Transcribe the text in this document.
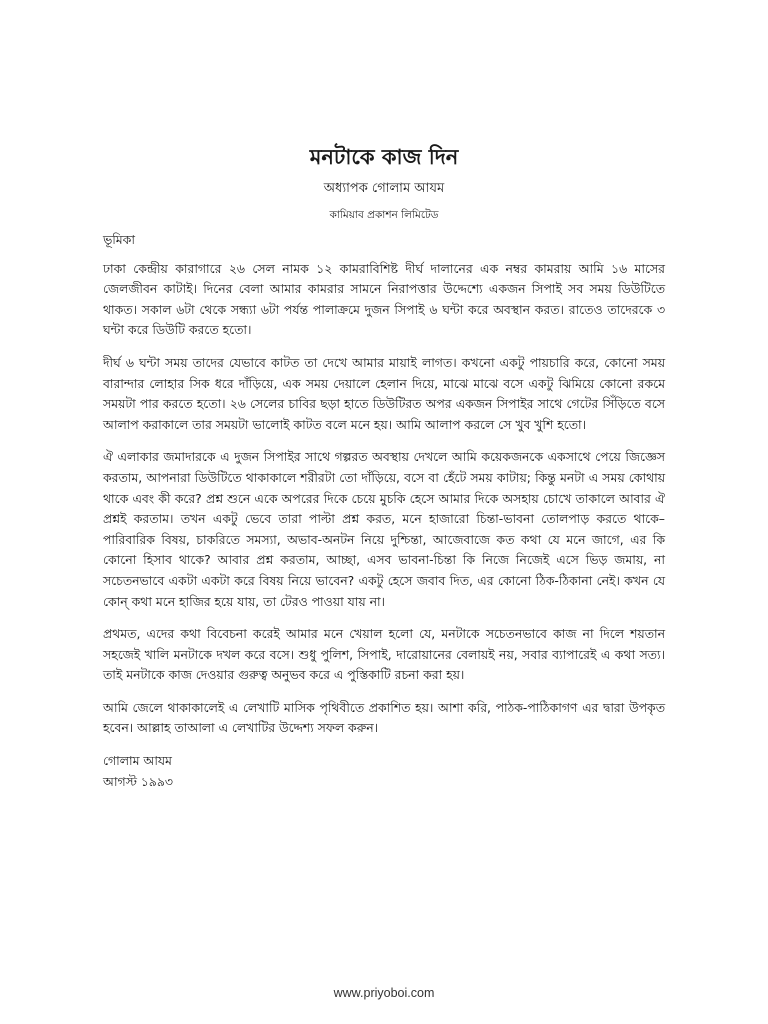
মনটাকে কাজ দিন

অধ্যাপক গোলাম আযম

কামিয়াব প্রকাশন লিমিটেড

ভূমিকা

ঢাকা কেন্দ্রীয় কারাগারে ২৬ সেল নামক ১২ কামরাবিশিষ্ট দীর্ঘ দালানের এক নম্বর কামরায় আমি ১৬ মাসের জেলজীবন কাটাই। দিনের বেলা আমার কামরার সামনে নিরাপত্তার উদ্দেশ্যে একজন সিপাই সব সময় ডিউটিতে থাকত। সকাল ৬টা থেকে সন্ধ্যা ৬টা পর্যন্ত পালাক্রমে দুজন সিপাই ৬ ঘন্টা করে অবস্থান করত। রাতেও তাদেরকে ৩ ঘন্টা করে ডিউটি করতে হতো।

দীর্ঘ ৬ ঘন্টা সময় তাদের যেভাবে কাটত তা দেখে আমার মায়াই লাগত। কখনো একটু পায়চারি করে, কোনো সময় বারান্দার লোহার সিক ধরে দাঁড়িয়ে, এক সময় দেয়ালে হেলান দিয়ে, মাঝে মাঝে বসে একটু ঝিমিয়ে কোনো রকমে সময়টা পার করতে হতো। ২৬ সেলের চাবির ছড়া হাতে ডিউটিরত অপর একজন সিপাইর সাথে গেটের সিঁড়িতে বসে আলাপ করাকালে তার সময়টা ভালোই কাটত বলে মনে হয়। আমি আলাপ করলে সে খুব খুশি হতো।

ঐ এলাকার জমাদারকে এ দুজন সিপাইর সাথে গল্পরত অবস্থায় দেখলে আমি কয়েকজনকে একসাথে পেয়ে জিজ্ঞেস করতাম, আপনারা ডিউটিতে থাকাকালে শরীরটা তো দাঁড়িয়ে, বসে বা হেঁটে সময় কাটায়; কিন্তু মনটা এ সময় কোথায় থাকে এবং কী করে? প্রশ্ন শুনে একে অপরের দিকে চেয়ে মুচকি হেসে আমার দিকে অসহায় চোখে তাকালে আবার ঐ প্রশ্নই করতাম। তখন একটু ভেবে তারা পাল্টা প্রশ্ন করত, মনে হাজারো চিন্তা-ভাবনা তোলপাড় করতে থাকে– পারিবারিক বিষয়, চাকরিতে সমস্যা, অভাব-অনটন নিয়ে দুশ্চিন্তা, আজেবাজে কত কথা যে মনে জাগে, এর কি কোনো হিসাব থাকে? আবার প্রশ্ন করতাম, আচ্ছা, এসব ভাবনা-চিন্তা কি নিজে নিজেই এসে ভিড় জমায়, না সচেতনভাবে একটা একটা করে বিষয় নিয়ে ভাবেন? একটু হেসে জবাব দিত, এর কোনো ঠিক-ঠিকানা নেই। কখন যে কোন্ কথা মনে হাজির হয়ে যায়, তা টেরও পাওয়া যায় না।

প্রথমত, এদের কথা বিবেচনা করেই আমার মনে খেয়াল হলো যে, মনটাকে সচেতনভাবে কাজ না দিলে শয়তান সহজেই খালি মনটাকে দখল করে বসে। শুধু পুলিশ, সিপাই, দারোয়ানের বেলায়ই নয়, সবার ব্যাপারেই এ কথা সত্য। তাই মনটাকে কাজ দেওয়ার গুরুত্ব অনুভব করে এ পুস্তিকাটি রচনা করা হয়।

আমি জেলে থাকাকালেই এ লেখাটি মাসিক পৃথিবীতে প্রকাশিত হয়। আশা করি, পাঠক-পাঠিকাগণ এর দ্বারা উপকৃত হবেন। আল্লাহ তাআলা এ লেখাটির উদ্দেশ্য সফল করুন।

গোলাম আযম

আগস্ট ১৯৯৩

www.priyoboi.com
